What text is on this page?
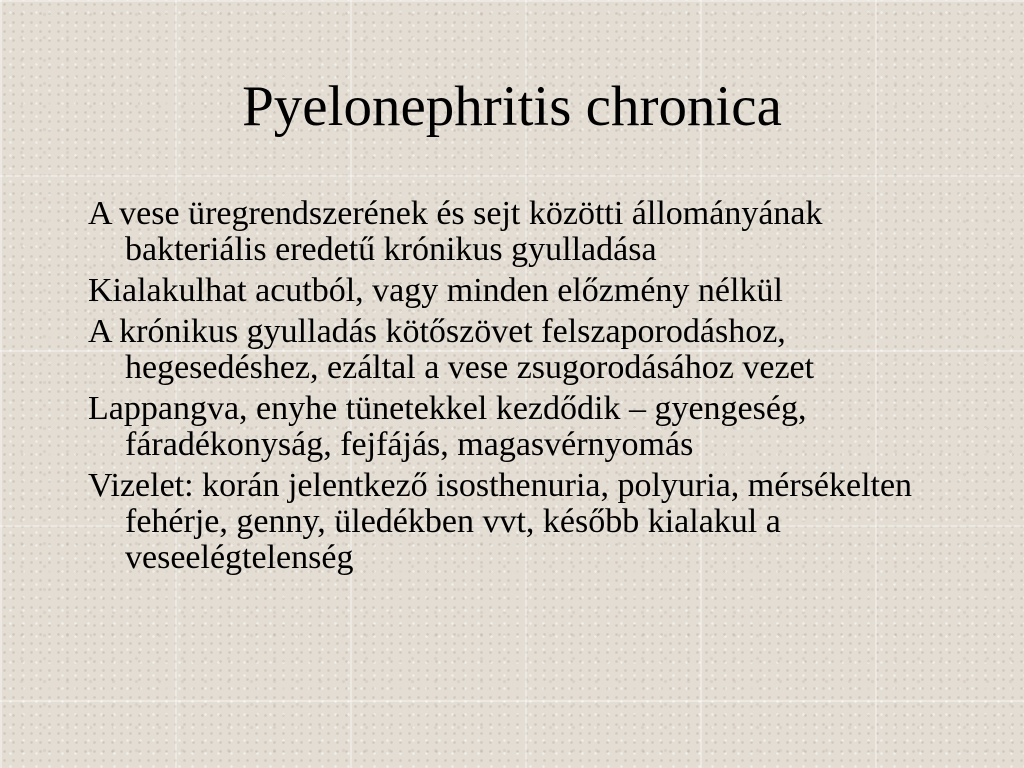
Pyelonephritis chronica
A vese üregrendszerének és sejt közötti állományának bakteriális eredetű krónikus gyulladása
Kialakulhat acutból, vagy minden előzmény nélkül
A krónikus gyulladás kötőszövet felszaporodáshoz, hegesedéshez, ezáltal a vese zsugorodásához vezet
Lappangva, enyhe tünetekkel kezdődik – gyengeség, fáradékonyság, fejfájás, magasvérnyomás
Vizelet: korán jelentkező isosthenuria, polyuria, mérsékelten fehérje, genny, üledékben vvt, később kialakul a veseelégtelenség
